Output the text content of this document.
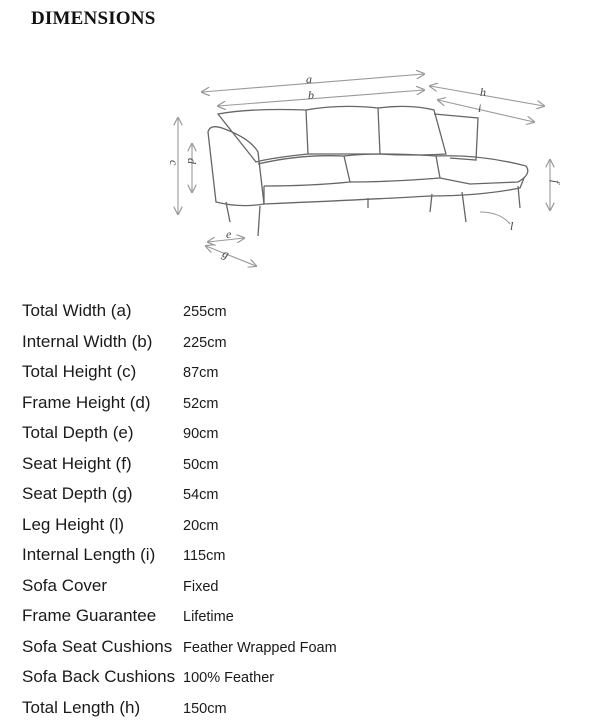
DIMENSIONS
a
b	h
i
c d
e
g
f
l
Total Width (a)	255cm
Internal Width (b) 225cm
Total Height (c)	87cm
Frame Height (d) 52cm
Total Depth (e)	90cm
Seat Height (f)	50cm
Seat Depth (g)	54cm
Leg Height (l)	20cm
Internal Length (i) 115cm
Sofa Cover	Fixed
Frame Guarantee Lifetime
Sofa Seat Cushions Feather Wrapped Foam
Sofa Back Cushions 100% Feather
Total Length (h)	150cm
